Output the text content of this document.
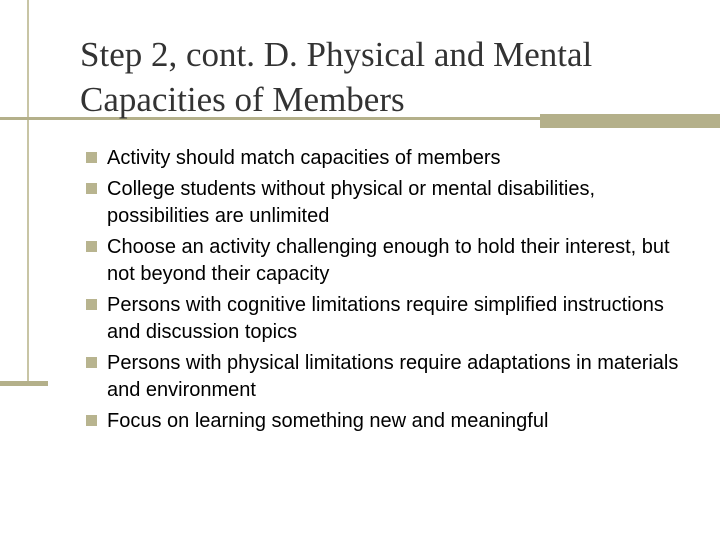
Step 2, cont. D. Physical and Mental Capacities of Members
Activity should match capacities of members
College students without physical or mental disabilities, possibilities are unlimited
Choose an activity challenging enough to hold their interest, but not beyond their capacity
Persons with cognitive limitations require simplified instructions and discussion topics
Persons with physical limitations require adaptations in materials and environment
Focus on learning something new and meaningful
